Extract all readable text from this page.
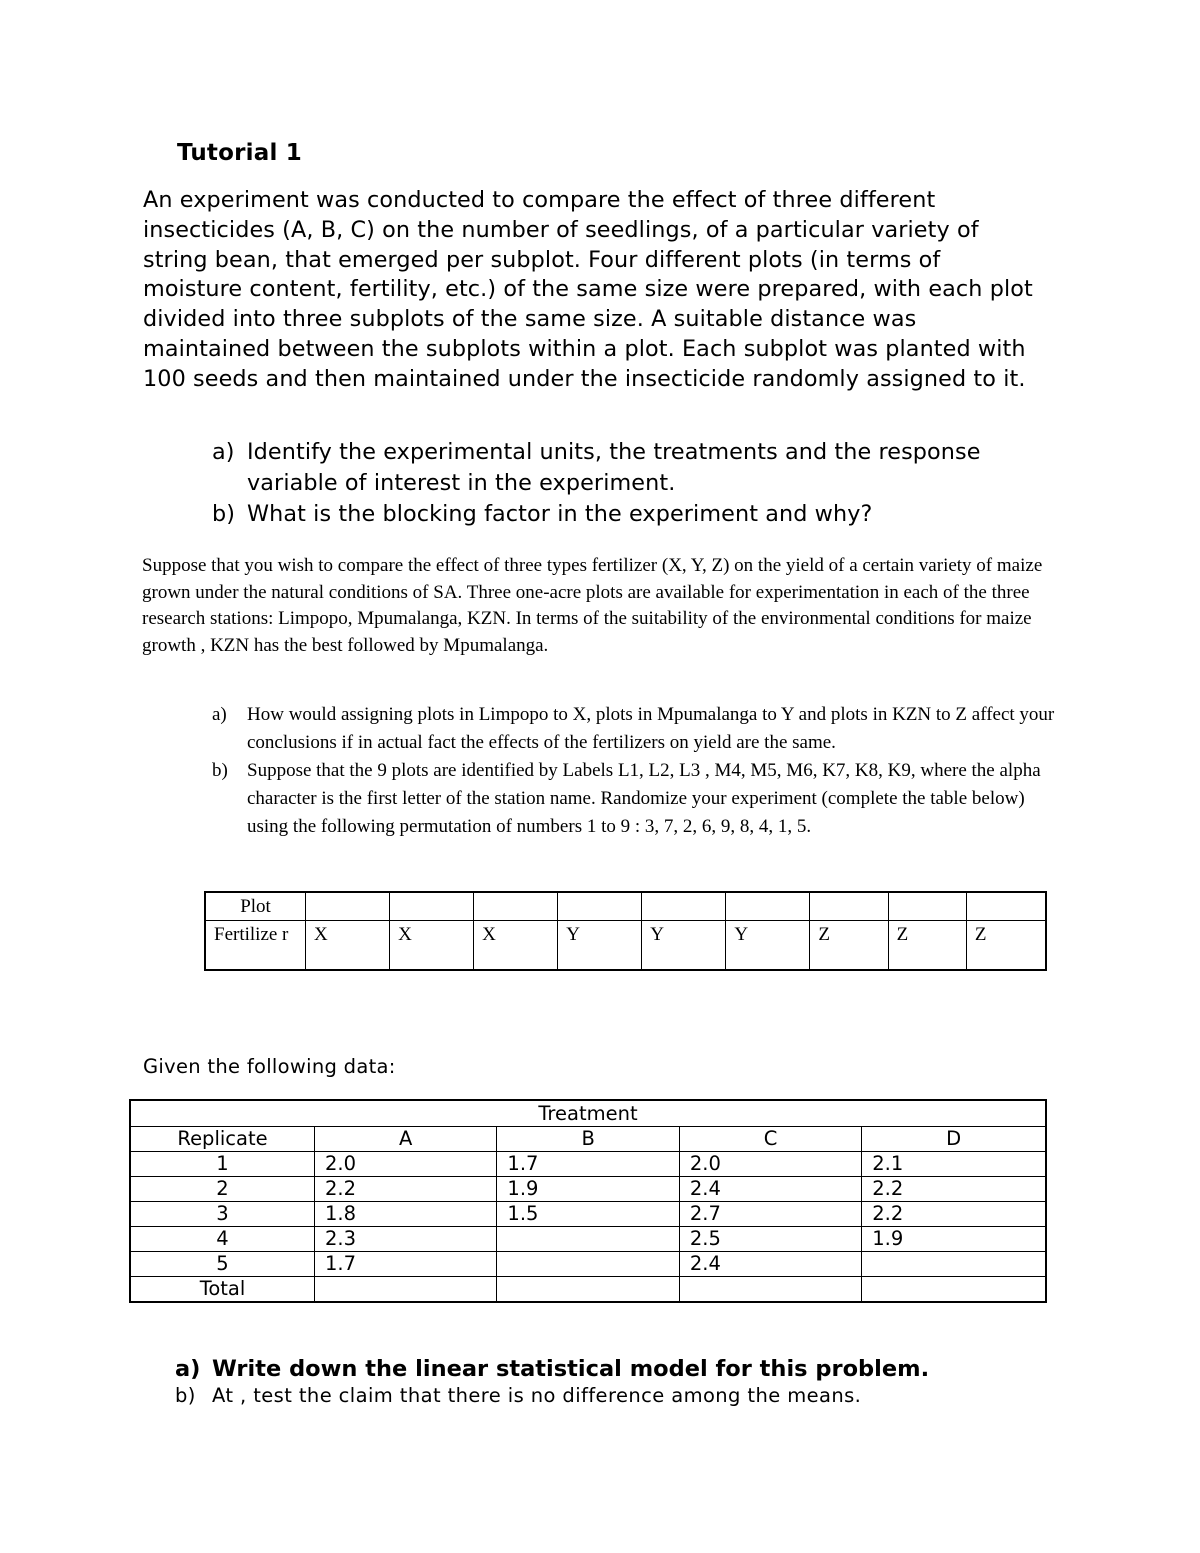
Tutorial 1
An experiment was conducted to compare the effect of three different insecticides (A, B, C) on the number of seedlings, of a particular variety of string bean, that emerged per subplot. Four different plots (in terms of moisture content, fertility, etc.) of the same size were prepared, with each plot divided into three subplots of the same size. A suitable distance was maintained between the subplots within a plot. Each subplot was planted with 100 seeds and then maintained under the insecticide randomly assigned to it.
a) Identify the experimental units, the treatments and the response variable of interest in the experiment.
b) What is the blocking factor in the experiment and why?
Suppose that you wish to compare the effect of three types fertilizer (X, Y, Z) on the yield of a certain variety of maize grown under the natural conditions of SA. Three one-acre plots are available for experimentation in each of the three research stations: Limpopo, Mpumalanga, KZN. In terms of the suitability of the environmental conditions for maize growth , KZN has the best followed by Mpumalanga.
a) How would assigning plots in Limpopo to X, plots in Mpumalanga to Y and plots in KZN to Z affect your conclusions if in actual fact the effects of the fertilizers on yield are the same.
b) Suppose that the 9 plots are identified by Labels L1, L2, L3 , M4, M5, M6, K7, K8, K9, where the alpha character is the first letter of the station name. Randomize your experiment (complete the table below) using the following permutation of numbers 1 to 9 : 3, 7, 2, 6, 9, 8, 4, 1, 5.
Plot									
Fertilize r	X	X	X	Y	Y	Y	Z	Z	Z
Given the following data:
Treatment				
Replicate	A	B	C	D
1	2.0	1.7	2.0	2.1
2	2.2	1.9	2.4	2.2
3	1.8	1.5	2.7	2.2
4	2.3		2.5	1.9
5	1.7		2.4	
Total				
a) Write down the linear statistical model for this problem.
b) At , test the claim that there is no difference among the means.
